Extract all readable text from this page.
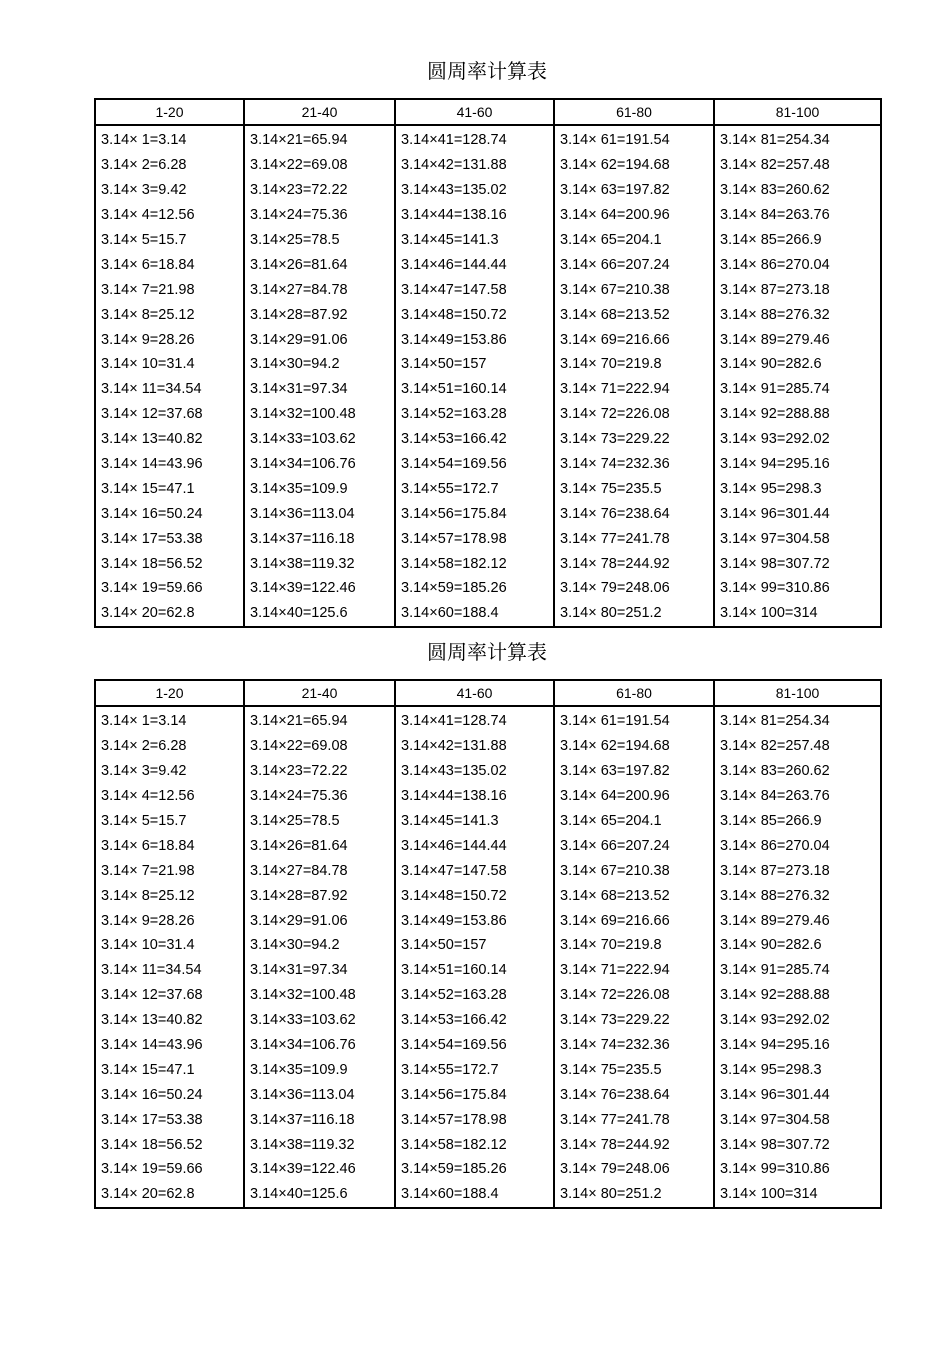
圆周率计算表
1-20	21-40	41-60	61-80	81-100
3.14× 1=3.14	3.14×21=65.94	3.14×41=128.74	3.14× 61=191.54	3.14× 81=254.34
3.14× 2=6.28	3.14×22=69.08	3.14×42=131.88	3.14× 62=194.68	3.14× 82=257.48
3.14× 3=9.42	3.14×23=72.22	3.14×43=135.02	3.14× 63=197.82	3.14× 83=260.62
3.14× 4=12.56	3.14×24=75.36	3.14×44=138.16	3.14× 64=200.96	3.14× 84=263.76
3.14× 5=15.7	3.14×25=78.5	3.14×45=141.3	3.14× 65=204.1	3.14× 85=266.9
3.14× 6=18.84	3.14×26=81.64	3.14×46=144.44	3.14× 66=207.24	3.14× 86=270.04
3.14× 7=21.98	3.14×27=84.78	3.14×47=147.58	3.14× 67=210.38	3.14× 87=273.18
3.14× 8=25.12	3.14×28=87.92	3.14×48=150.72	3.14× 68=213.52	3.14× 88=276.32
3.14× 9=28.26	3.14×29=91.06	3.14×49=153.86	3.14× 69=216.66	3.14× 89=279.46
3.14× 10=31.4	3.14×30=94.2	3.14×50=157	3.14× 70=219.8	3.14× 90=282.6
3.14× 11=34.54	3.14×31=97.34	3.14×51=160.14	3.14× 71=222.94	3.14× 91=285.74
3.14× 12=37.68	3.14×32=100.48	3.14×52=163.28	3.14× 72=226.08	3.14× 92=288.88
3.14× 13=40.82	3.14×33=103.62	3.14×53=166.42	3.14× 73=229.22	3.14× 93=292.02
3.14× 14=43.96	3.14×34=106.76	3.14×54=169.56	3.14× 74=232.36	3.14× 94=295.16
3.14× 15=47.1	3.14×35=109.9	3.14×55=172.7	3.14× 75=235.5	3.14× 95=298.3
3.14× 16=50.24	3.14×36=113.04	3.14×56=175.84	3.14× 76=238.64	3.14× 96=301.44
3.14× 17=53.38	3.14×37=116.18	3.14×57=178.98	3.14× 77=241.78	3.14× 97=304.58
3.14× 18=56.52	3.14×38=119.32	3.14×58=182.12	3.14× 78=244.92	3.14× 98=307.72
3.14× 19=59.66	3.14×39=122.46	3.14×59=185.26	3.14× 79=248.06	3.14× 99=310.86
3.14× 20=62.8	3.14×40=125.6	3.14×60=188.4	3.14× 80=251.2	3.14× 100=314
圆周率计算表
1-20	21-40	41-60	61-80	81-100
3.14× 1=3.14	3.14×21=65.94	3.14×41=128.74	3.14× 61=191.54	3.14× 81=254.34
3.14× 2=6.28	3.14×22=69.08	3.14×42=131.88	3.14× 62=194.68	3.14× 82=257.48
3.14× 3=9.42	3.14×23=72.22	3.14×43=135.02	3.14× 63=197.82	3.14× 83=260.62
3.14× 4=12.56	3.14×24=75.36	3.14×44=138.16	3.14× 64=200.96	3.14× 84=263.76
3.14× 5=15.7	3.14×25=78.5	3.14×45=141.3	3.14× 65=204.1	3.14× 85=266.9
3.14× 6=18.84	3.14×26=81.64	3.14×46=144.44	3.14× 66=207.24	3.14× 86=270.04
3.14× 7=21.98	3.14×27=84.78	3.14×47=147.58	3.14× 67=210.38	3.14× 87=273.18
3.14× 8=25.12	3.14×28=87.92	3.14×48=150.72	3.14× 68=213.52	3.14× 88=276.32
3.14× 9=28.26	3.14×29=91.06	3.14×49=153.86	3.14× 69=216.66	3.14× 89=279.46
3.14× 10=31.4	3.14×30=94.2	3.14×50=157	3.14× 70=219.8	3.14× 90=282.6
3.14× 11=34.54	3.14×31=97.34	3.14×51=160.14	3.14× 71=222.94	3.14× 91=285.74
3.14× 12=37.68	3.14×32=100.48	3.14×52=163.28	3.14× 72=226.08	3.14× 92=288.88
3.14× 13=40.82	3.14×33=103.62	3.14×53=166.42	3.14× 73=229.22	3.14× 93=292.02
3.14× 14=43.96	3.14×34=106.76	3.14×54=169.56	3.14× 74=232.36	3.14× 94=295.16
3.14× 15=47.1	3.14×35=109.9	3.14×55=172.7	3.14× 75=235.5	3.14× 95=298.3
3.14× 16=50.24	3.14×36=113.04	3.14×56=175.84	3.14× 76=238.64	3.14× 96=301.44
3.14× 17=53.38	3.14×37=116.18	3.14×57=178.98	3.14× 77=241.78	3.14× 97=304.58
3.14× 18=56.52	3.14×38=119.32	3.14×58=182.12	3.14× 78=244.92	3.14× 98=307.72
3.14× 19=59.66	3.14×39=122.46	3.14×59=185.26	3.14× 79=248.06	3.14× 99=310.86
3.14× 20=62.8	3.14×40=125.6	3.14×60=188.4	3.14× 80=251.2	3.14× 100=314
